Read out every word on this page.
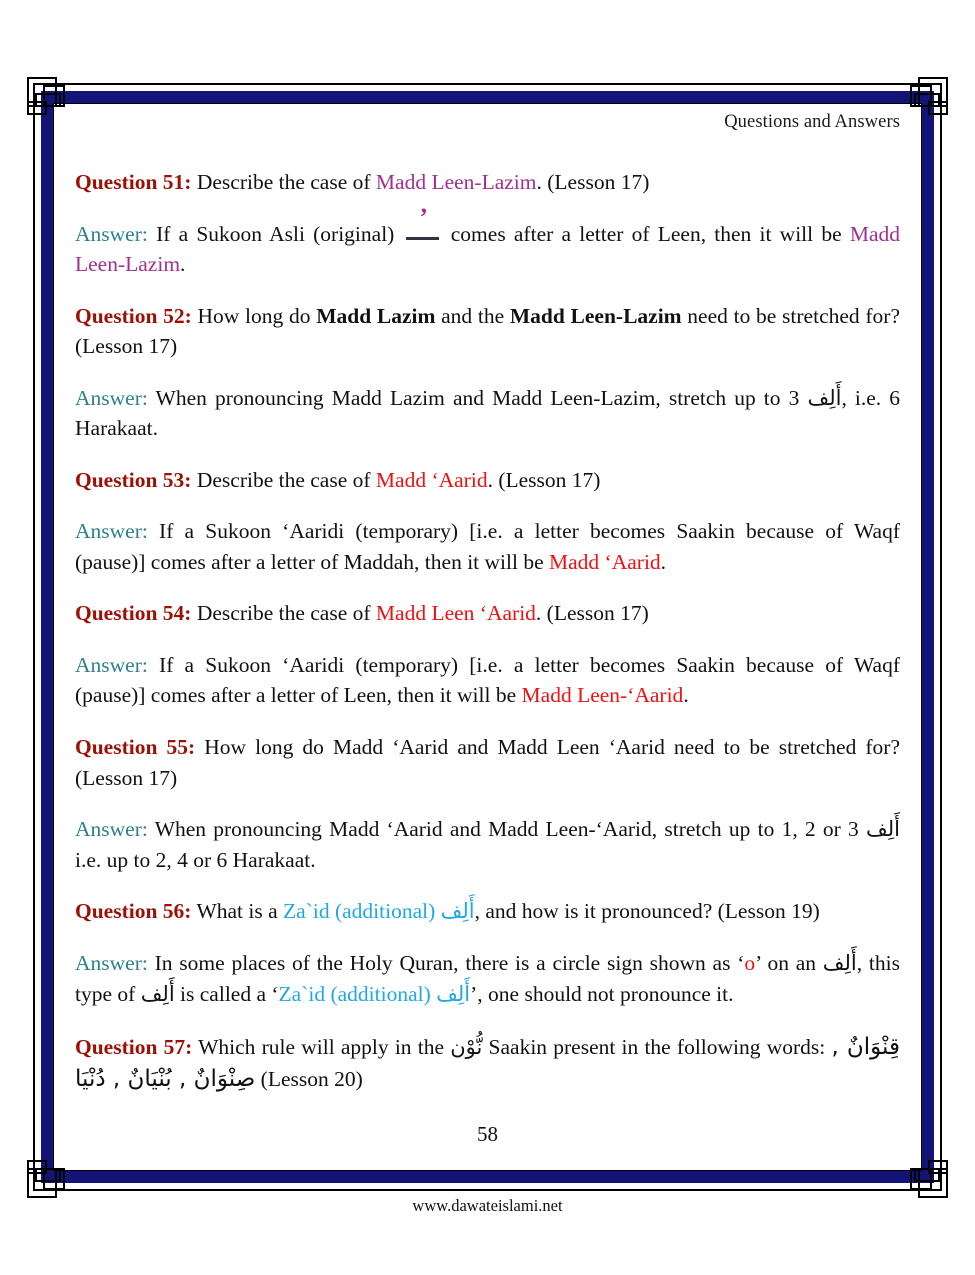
Questions and Answers

Question 51: Describe the case of Madd Leen-Lazim. (Lesson 17)

Answer: If a Sukoon Asli (original)
’
comes after a letter of Leen, then it will be Madd Leen-Lazim.

Question 52: How long do Madd Lazim and the Madd Leen-Lazim need to be stretched for? (Lesson 17)

Answer: When pronouncing Madd Lazim and Madd Leen-Lazim, stretch up to 3 أَلِف, i.e. 6 Harakaat.

Question 53: Describe the case of Madd ‘Aarid. (Lesson 17)

Answer: If a Sukoon ‘Aaridi (temporary) [i.e. a letter becomes Saakin because of Waqf (pause)] comes after a letter of Maddah, then it will be Madd ‘Aarid.

Question 54: Describe the case of Madd Leen ‘Aarid. (Lesson 17)

Answer: If a Sukoon ‘Aaridi (temporary) [i.e. a letter becomes Saakin because of Waqf (pause)] comes after a letter of Leen, then it will be Madd Leen-‘Aarid.

Question 55: How long do Madd ‘Aarid and Madd Leen ‘Aarid need to be stretched for? (Lesson 17)

Answer: When pronouncing Madd ‘Aarid and Madd Leen-‘Aarid, stretch up to 1, 2 or 3 أَلِف i.e. up to 2, 4 or 6 Harakaat.

Question 56: What is a Za`id (additional) أَلِف, and how is it pronounced? (Lesson 19)

Answer: In some places of the Holy Quran, there is a circle sign shown as ‘o’ on an أَلِف, this type of أَلِف is called a ‘Za`id (additional) أَلِف’, one should not pronounce it.

Question 57: Which rule will apply in the نُّوْن Saakin present in the following words: قِنْوَانٌ , صِنْوَانٌ , بُنْيَانٌ , دُنْيَا (Lesson 20)

58
www.dawateislami.net
